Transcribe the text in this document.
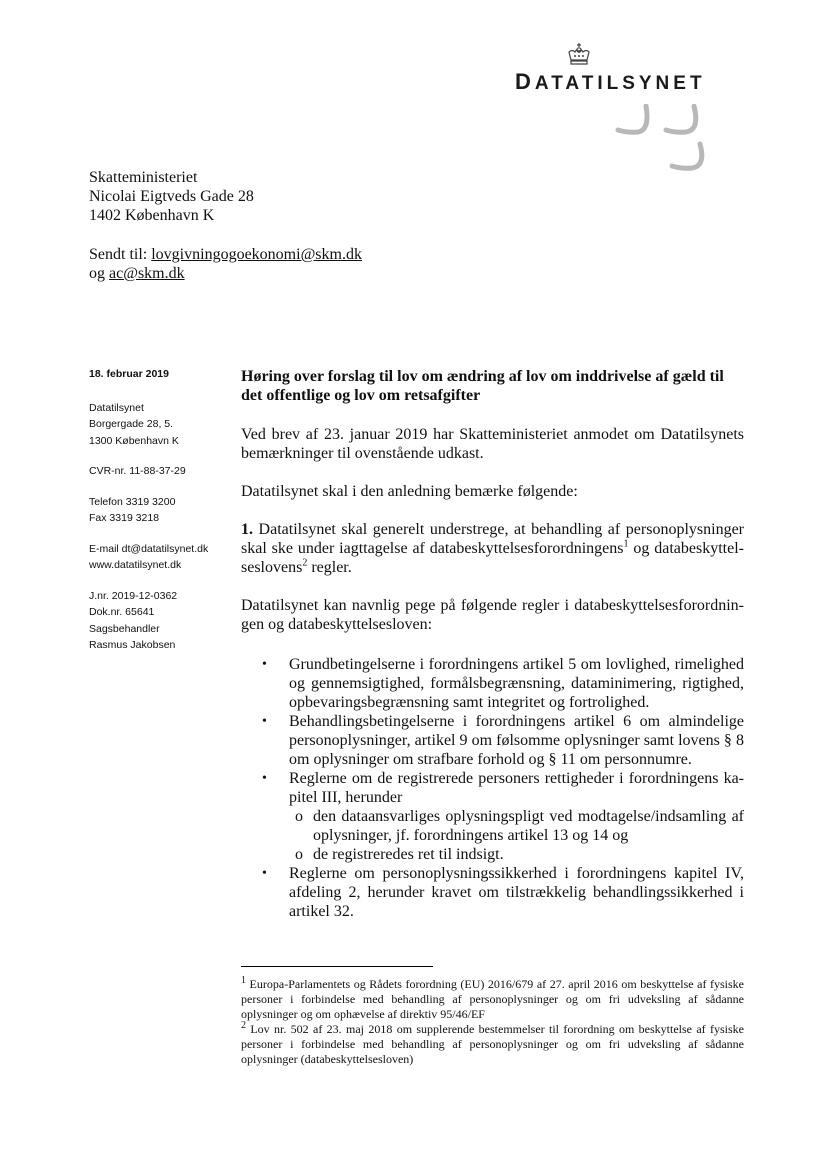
DATATILSYNET
Skatteministeriet
Nicolai Eigtveds Gade 28
1402 København K
Sendt til: lovgivningogoekonomi@skm.dk
og ac@skm.dk

18. februar 2019

Datatilsynet

Borgergade 28, 5.

1300 København K

CVR-nr. 11-88-37-29

Telefon 3319 3200

Fax 3319 3218

E-mail dt@datatilsynet.dk

www.datatilsynet.dk

J.nr. 2019-12-0362

Dok.nr. 65641

Sagsbehandler

Rasmus Jakobsen

Høring over forslag til lov om ændring af lov om inddrivelse af gæld til det offentlige og lov om retsafgifter

Ved brev af 23. januar 2019 har Skatteministeriet anmodet om Datatilsynets bemærkninger til ovenstående udkast.

Datatilsynet skal i den anledning bemærke følgende:

1. Datatilsynet skal generelt understrege, at behandling af personoplysninger skal ske under iagttagelse af databeskyttelsesforordningens$^1$ og databeskyttelseslovens$^2$ regler.

Datatilsynet kan navnlig pege på følgende regler i databeskyttelsesforordningen og databeskyttelsesloven:

• Grundbetingelserne i forordningens artikel 5 om lovlighed, rimelighed og gennemsigtighed, formålsbegrænsning, dataminimering, rigtighed, opbevaringsbegrænsning samt integritet og fortrolighed.
• Behandlingsbetingelserne i forordningens artikel 6 om almindelige personoplysninger, artikel 9 om følsomme oplysninger samt lovens § 8 om oplysninger om strafbare forhold og § 11 om personnumre.
• Reglerne om de registrerede personers rettigheder i forordningens kapitel III, herunder
o den dataansvarliges oplysningspligt ved modtagelse/indsamling af oplysninger, jf. forordningens artikel 13 og 14 og
o de registreredes ret til indsigt.
• Reglerne om personoplysningssikkerhed i forordningens kapitel IV, afdeling 2, herunder kravet om tilstrækkelig behandlingssikkerhed i artikel 32.

$^1$ Europa-Parlamentets og Rådets forordning (EU) 2016/679 af 27. april 2016 om beskyttelse af fysiske personer i forbindelse med behandling af personoplysninger og om fri udveksling af sådanne oplysninger og om ophævelse af direktiv 95/46/EF

$^2$ Lov nr. 502 af 23. maj 2018 om supplerende bestemmelser til forordning om beskyttelse af fysiske personer i forbindelse med behandling af personoplysninger og om fri udveksling af sådanne oplysninger (databeskyttelsesloven)
